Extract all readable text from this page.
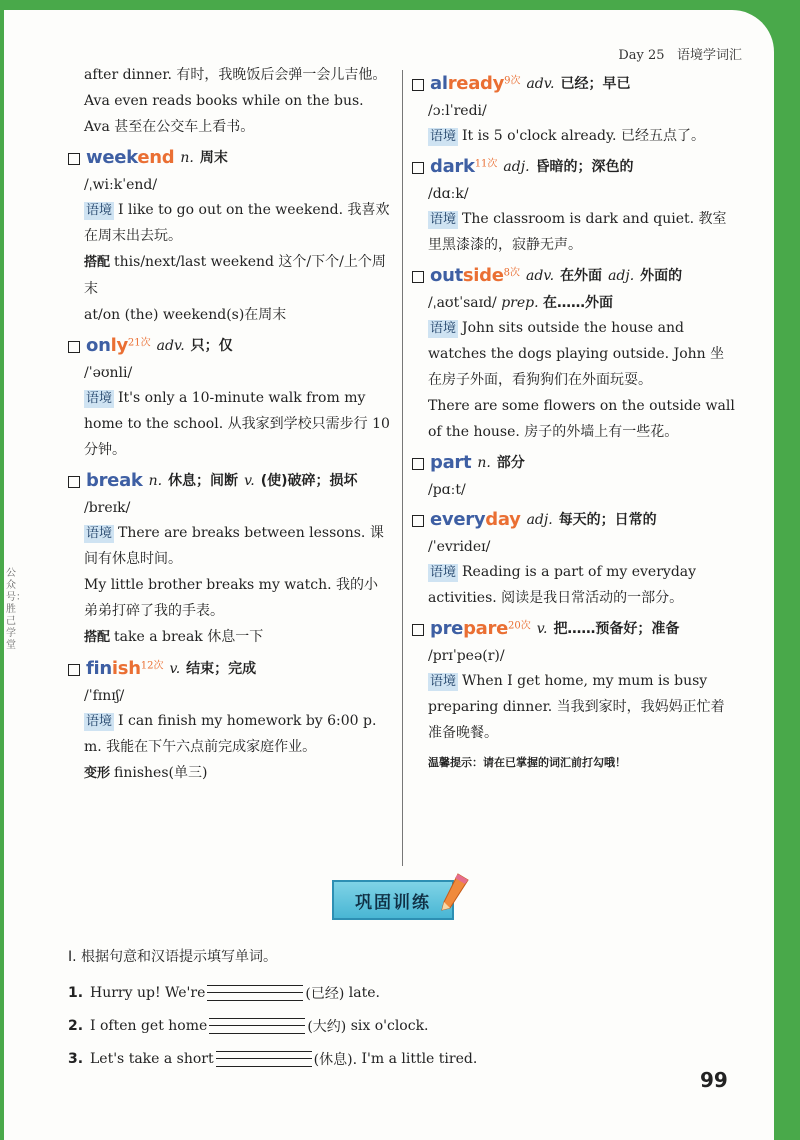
Day 25 语境学词汇
公众号：胜己学堂

after dinner. 有时，我晚饭后会弹一会儿吉他。

Ava even reads books while on the bus. Ava 甚至在公交车上看书。

weekend n. 周末
/ˌwiːkˈend/
语境 I like to go out on the weekend. 我喜欢在周末出去玩。
搭配 this/next/last weekend 这个/下个/上个周末
at/on (the) weekend(s)在周末
only$^{21次}$ adv. 只；仅
/ˈəʊnli/
语境 It's only a 10-minute walk from my home to the school. 从我家到学校只需步行 10 分钟。
break n. 休息；间断 v. (使)破碎；损坏
/breɪk/
语境 There are breaks between lessons. 课间有休息时间。
My little brother breaks my watch. 我的小弟弟打碎了我的手表。
搭配 take a break 休息一下
finish$^{12次}$ v. 结束；完成
/ˈfɪnɪʃ/
语境 I can finish my homework by 6:00 p. m. 我能在下午六点前完成家庭作业。
变形 finishes(单三)
already$^{9次}$ adv. 已经；早已
/ɔːlˈredi/
语境 It is 5 o'clock already. 已经五点了。
dark$^{11次}$ adj. 昏暗的；深色的
/dɑːk/
语境 The classroom is dark and quiet. 教室里黑漆漆的，寂静无声。
outside$^{8次}$ adv. 在外面 adj. 外面的
/ˌaʊtˈsaɪd/ prep. 在……外面
语境 John sits outside the house and watches the dogs playing outside. John 坐在房子外面，看狗狗们在外面玩耍。
There are some flowers on the outside wall of the house. 房子的外墙上有一些花。
part n. 部分
/pɑːt/
everyday adj. 每天的；日常的
/ˈevrideɪ/
语境 Reading is a part of my everyday activities. 阅读是我日常活动的一部分。
prepare$^{20次}$ v. 把……预备好；准备
/prɪˈpeə(r)/
语境 When I get home, my mum is busy preparing dinner. 当我到家时，我妈妈正忙着准备晚餐。
温馨提示：请在已掌握的词汇前打勾哦！
巩固训练
Ⅰ. 根据句意和汉语提示填写单词。
1. Hurry up! We're	(已经)
late.
2. I often get home	(大约)
six o'clock.
3. Let's take a short	(休息).
I'm a little tired.
99
